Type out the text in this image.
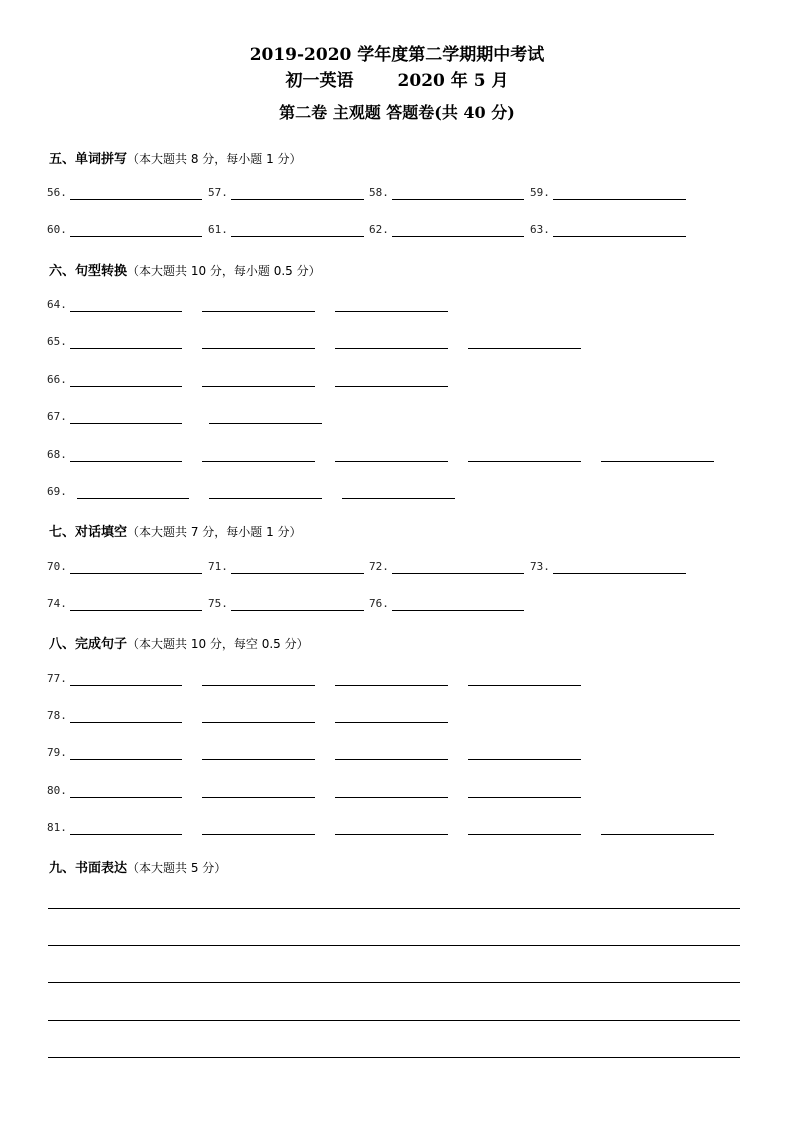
2019-2020 学年度第二学期期中考试
初一英语	2020 年 5 月
第二卷 主观题 答题卷(共 40 分)
五、单词拼写（本大题共 8 分，每小题 1 分）
56.	57.	58.	59.
60.	61.	62.	63.
六、句型转换（本大题共 10 分，每小题 0.5 分）
64.
65.
66.
67.
68.
69.
七、对话填空（本大题共 7 分，每小题 1 分）
70.	71.	72.	73.
74.	75.	76.
八、完成句子（本大题共 10 分，每空 0.5 分）
77.
78.
79.
80.
81.
九、书面表达（本大题共 5 分）
